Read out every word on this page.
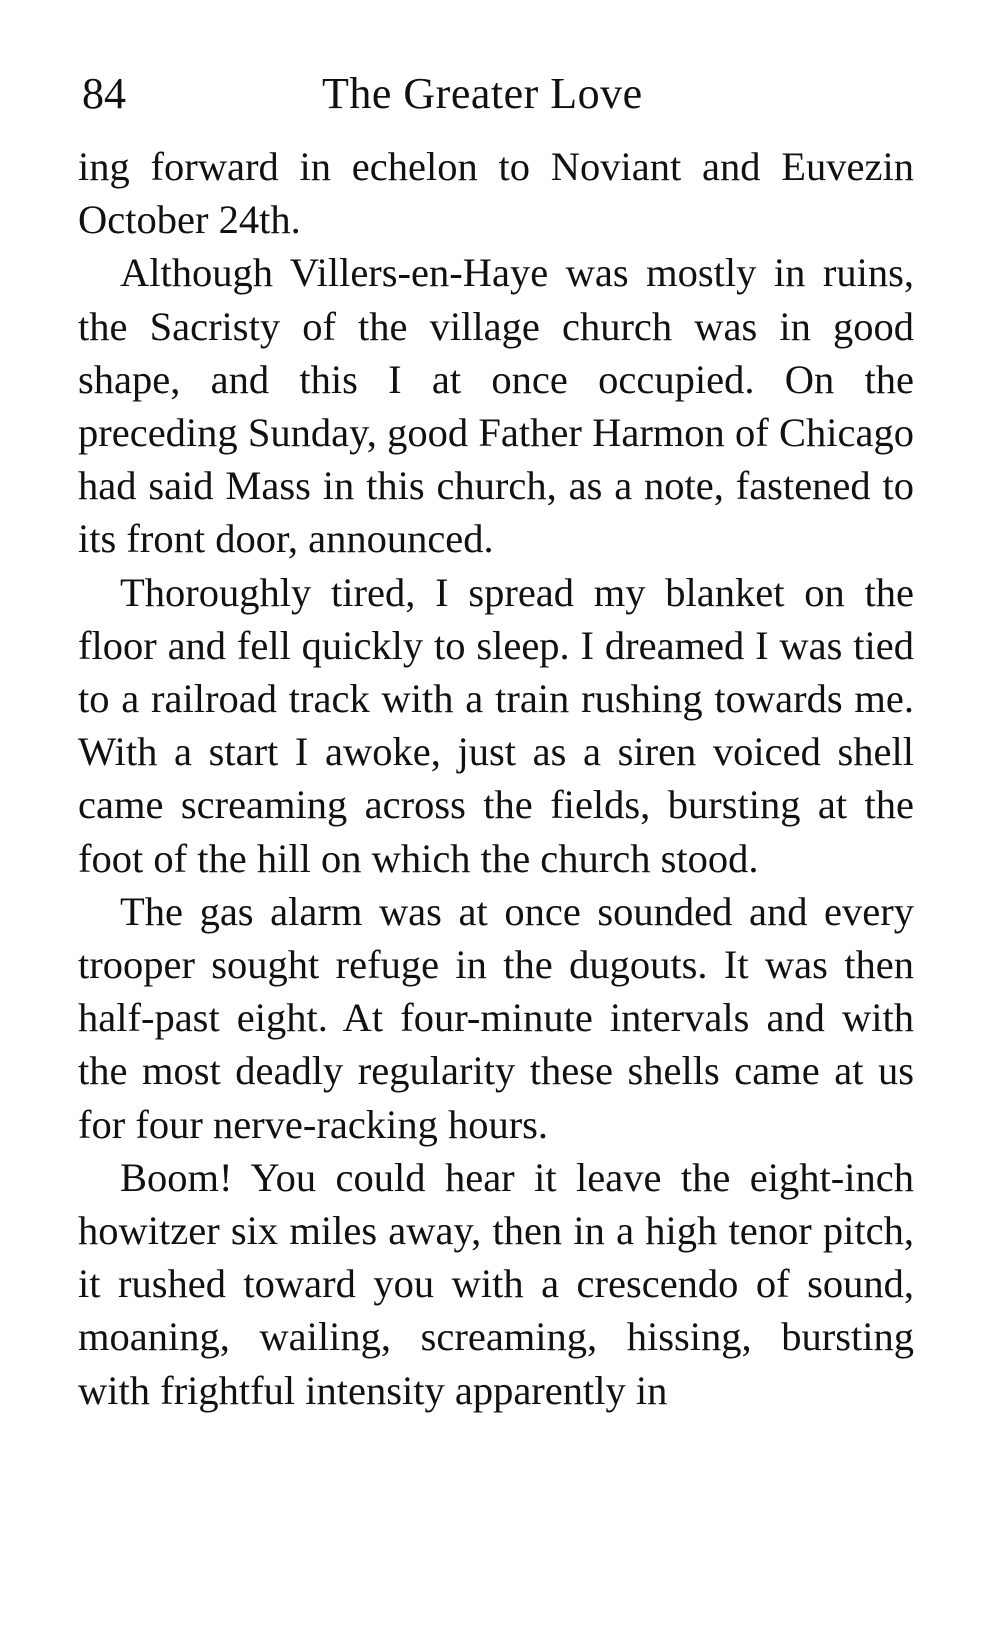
84	The Greater Love

ing forward in echelon to Noviant and Euvezin October 24th.

Although Villers-en-Haye was mostly in ruins, the Sacristy of the village church was in good shape, and this I at once occupied. On the preceding Sunday, good Father Harmon of Chicago had said Mass in this church, as a note, fastened to its front door, announced.

Thoroughly tired, I spread my blanket on the floor and fell quickly to sleep. I dreamed I was tied to a railroad track with a train rushing towards me. With a start I awoke, just as a siren voiced shell came screaming across the fields, bursting at the foot of the hill on which the church stood.

The gas alarm was at once sounded and every trooper sought refuge in the dugouts. It was then half-past eight. At four-minute intervals and with the most deadly regularity these shells came at us for four nerve-racking hours.

Boom! You could hear it leave the eight-inch howitzer six miles away, then in a high tenor pitch, it rushed toward you with a crescendo of sound, moaning, wailing, screaming, hissing, bursting with frightful intensity apparently in
